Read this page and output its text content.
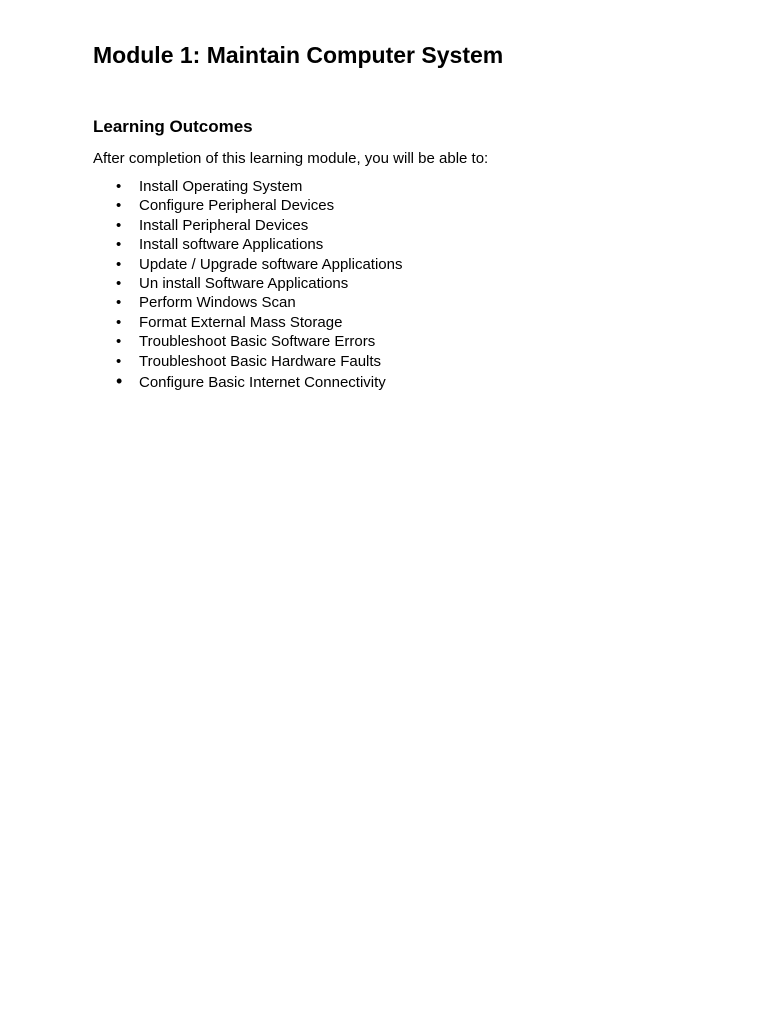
Module 1: Maintain Computer System
Learning Outcomes

After completion of this learning module, you will be able to:

•	Install Operating System
•	Configure Peripheral Devices
•	Install Peripheral Devices
•	Install software Applications
•	Update / Upgrade software Applications
•	Un install Software Applications
•	Perform Windows Scan
•	Format External Mass Storage
•	Troubleshoot Basic Software Errors
•	Troubleshoot Basic Hardware Faults
•	Configure Basic Internet Connectivity
